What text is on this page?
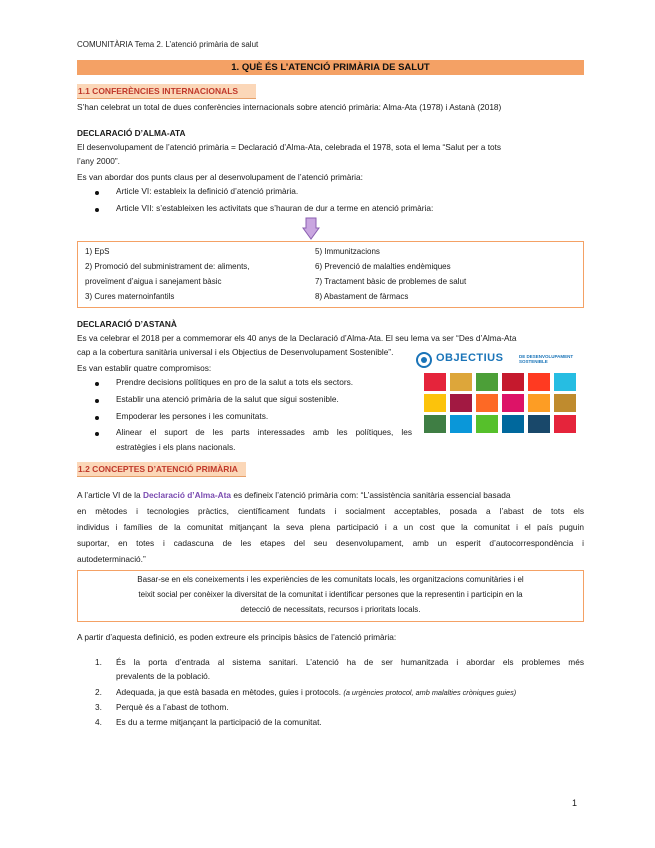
COMUNITÀRIA Tema 2. L’atenció primària de salut
1. QUÈ ÉS L’ATENCIÓ PRIMÀRIA DE SALUT
1.1 CONFERÈNCIES INTERNACIONALS
S’han celebrat un total de dues conferències internacionals sobre atenció primària: Alma-Ata (1978) i Astanà (2018)
DECLARACIÓ D’ALMA-ATA
El desenvolupament de l’atenció primària = Declaració d’Alma-Ata, celebrada el 1978, sota el lema “Salut per a tots
l’any 2000”.
Es van abordar dos punts claus per al desenvolupament de l’atenció primària:
Article VI: estableix la definició d’atenció primària.
Article VII: s’estableixen les activitats que s’hauran de dur a terme en atenció primària:
1) EpS
2) Promoció del subministrament de: aliments,
proveïment d’aigua i sanejament bàsic
3) Cures maternoinfantils
5) Immunitzacions
6) Prevenció de malalties endèmiques
7) Tractament bàsic de problemes de salut
8) Abastament de fàrmacs
DECLARACIÓ D’ASTANÀ
Es va celebrar el 2018 per a commemorar els 40 anys de la Declaració d’Alma-Ata. El seu lema va ser “Des d’Alma-Ata
cap a la cobertura sanitària universal i els Objectius de Desenvolupament Sostenible”.
Es van establir quatre compromisos:
Prendre decisions polítiques en pro de la salut a tots els sectors.
Establir una atenció primària de la salut que sigui sostenible.
Empoderar les persones i les comunitats.
Alinear el suport de les parts interessades amb les polítiques, les
estratègies i els plans nacionals.
OBJECTIUS	DE DESENVOLUPAMENT SOSTENIBLE
1.2 CONCEPTES D’ATENCIÓ PRIMÀRIA
A l’article VI de la Declaració d’Alma-Ata es defineix l’atenció primària com: “L’assistència sanitària essencial basada
en mètodes i tecnologies pràctics, científicament fundats i socialment acceptables, posada a l’abast de tots els
individus i famílies de la comunitat mitjançant la seva plena participació i a un cost que la comunitat i el país puguin
suportar, en totes i cadascuna de les etapes del seu desenvolupament, amb un esperit d’autocorrespondència i
autodeterminació.”
Basar-se en els coneixements i les experiències de les comunitats locals, les organitzacions comunitàries i el
teixit social per conèixer la diversitat de la comunitat i identificar persones que la representin i participin en la
detecció de necessitats, recursos i prioritats locals.
A partir d’aquesta definició, es poden extreure els principis bàsics de l’atenció primària:
1. És la porta d’entrada al sistema sanitari. L’atenció ha de ser humanitzada i abordar els problemes més
prevalents de la població.
2. Adequada, ja que està basada en mètodes, guies i protocols. (a urgències protocol, amb malalties cròniques guies)
3. Perquè és a l’abast de tothom.
4. Es du a terme mitjançant la participació de la comunitat.
1
